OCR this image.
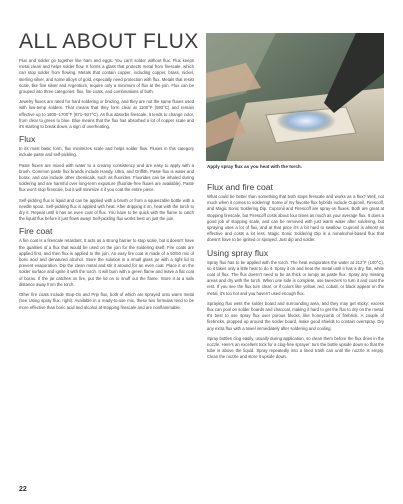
ALL ABOUT FLUX

Flux and solder go together like ham and eggs. You can't solder without flux. Flux keeps metal clean and helps solder flow. It forms a glass that protects metal from firescale, which can stop solder from flowing. Metals that contain copper, including copper, brass, nickel, sterling silver, and some alloys of gold, especially need protection with flux. Metals that resist scale, like fine silver and Argentium, require only a minimum of flux at the join. Flux can be grouped into three categories: flux, fire coats, and combinations of both.

Jewelry fluxes are rated for hard soldering or brazing, and they are not the same fluxes used with low-temp solders. That means that they form clear at 1100°F (593°C) and remain effective up to 1600–1700°F (871–927°C). As flux absorbs firescale, it tends to change color, from clear to green to blue. Blue means that the flux has absorbed a lot of copper scale and it's starting to break down, a sign of overheating.

Flux

In its most basic form, flux minimizes scale and helps solder flow. Fluxes in this category include paste and self-pickling.

Paste fluxes are mixed with water to a creamy consistency and are easy to apply with a brush. Common paste flux brands include Handy, Ultra, and Griffith. Paste flux is water and borax, and can include other chemicals, such as fluorides. Fluorides can be inhaled during soldering and are harmful over long-term exposure (fluoride-free fluxes are available). Paste flux won't stop firescale, but it will minimize it if you coat the entire piece.

Self-pickling flux is liquid and can be applied with a brush or from a squeezable bottle with a needle spout. Self-pickling flux is applied with heat. After dripping it on, heat with the torch to dry it. Repeat until it has an even coat of flux. You have to be quick with the flame to catch the liquid flux before it just flows away! Self-pickling flux works best on just the join.

Fire coat

A fire coat is a firescale retardant. It acts as a strong barrier to stop scale, but it doesn't have the qualities of a flux that would be used on the join for the soldering itself. Fire coats are applied first, and then flux is applied to the join. An easy fire coat is made of a 50/50 mix of boric acid and denatured alcohol. Store the solution in a small glass jar with a tight lid to prevent evaporation. Dip the clean metal and stir it around for an even coat. Place it on the solder surface and ignite it with the torch. It will burn with a green flame and leave a flat coat of borax. If the jar catches on fire, put the lid on to snuff out the flame. Store it at a safe distance away from the torch.

Other fire coats include Stop-Ox and Prip flux, both of which are sprayed onto warm metal (see Using spray flux, right). Available in a ready-to-use mix, these two formulas tend to be more effective than boric acid and alcohol at stopping firescale and are nonflammable.

Apply spray flux as you heat with the torch.
Flux and fire coat

What could be better than something that both stops firescale and works as a flux? Well, not much when it comes to soldering! Some of my favorite flux hybrids include Cupronil, Firescoff, and Magic Sonic Soldering Dip. Cupronil and Firescoff are spray-on fluxes. Both are great at stopping firescale, but Firescoff costs about four times as much as your average flux. It does a good job of stopping scale, and can be removed with just warm water after soldering, but spraying uses a lot of flux, and at that price it's a bit hard to swallow. Cupronil is almost as effective and costs a lot less. Magic Sonic Soldering Dip is a nonalcohol-based flux that doesn't have to be ignited or sprayed. Just dip and solder.

Using spray flux

Spray flux has to be applied with the torch. The heat evaporates the water at 212°F (100°C), so it takes only a little heat to do it. Spray it on and heat the metal until it has a dry, flat, white coat of flux. The flux doesn't need to be as thick or lumpy as paste flux. Spray any missing areas and dry with the torch. When one side is complete, use tweezers to turn it and coat the rest. If you see the flux turn clear, or if colors like yellow, red, cobalt, or black appear on the metal, it's too hot and you haven't used enough flux.

Spraying flux wets the solder board and surrounding area, and they may get sticky; excess flux can pool on solder boards and charcoal, making it hard to get the flux to dry on the metal. It's best to use spray flux over porous blocks, like honeycomb or firebrick. A couple of firebricks, propped up around the solder board, make good shields to contain overspray. Dry any extra flux with a towel immediately after soldering and cooling.

Spray bottles clog easily, usually during application, so clean them before the flux dries in the nozzle. Here's an excellent trick for a clog-free sprayer: turn the bottle upside down so that the tube is above the liquid. Spray repeatedly into a lined trash can until the nozzle is empty. Clean the nozzle and store it upside down.

22
